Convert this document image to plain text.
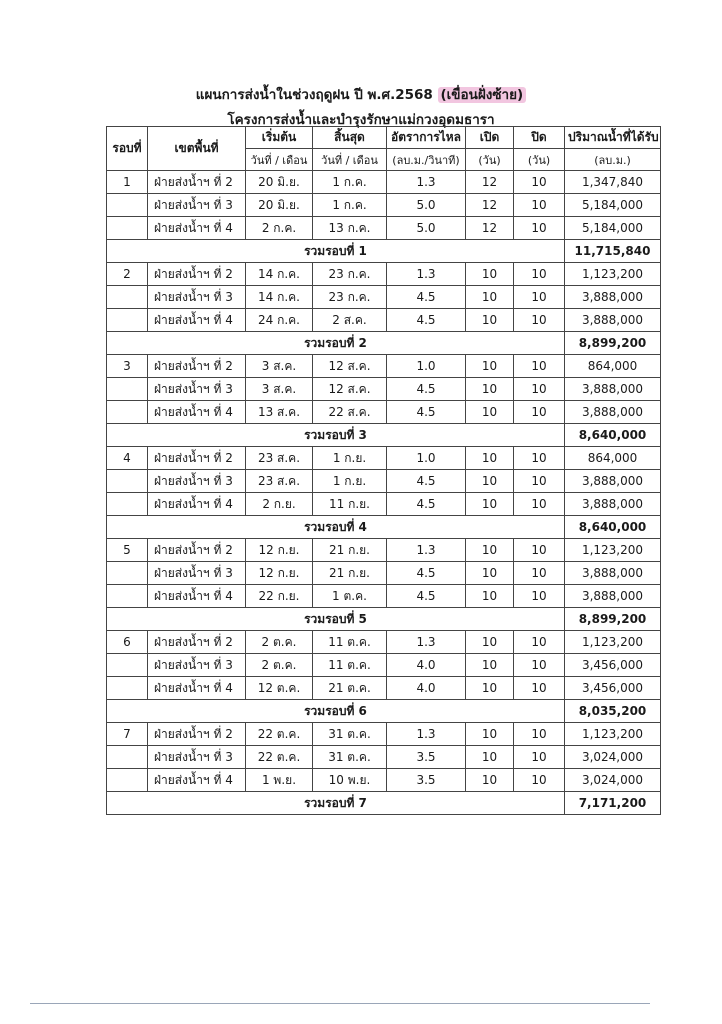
แผนการส่งน้ำในช่วงฤดูฝน ปี พ.ศ.2568 (เขื่อนฝั่งซ้าย)
โครงการส่งน้ำและบำรุงรักษาแม่กวงอุดมธารา
รอบที่	เขตพื้นที่	เริ่มต้น	สิ้นสุด	อัตราการไหล	เปิด	ปิด	ปริมาณน้ำที่ได้รับ
		วันที่ / เดือน	วันที่ / เดือน	(ลบ.ม./วินาที)	(วัน)	(วัน)	(ลบ.ม.)
1	ฝ่ายส่งน้ำฯ ที่ 2	20 มิ.ย.	1 ก.ค.	1.3	12	10	1,347,840
	ฝ่ายส่งน้ำฯ ที่ 3	20 มิ.ย.	1 ก.ค.	5.0	12	10	5,184,000
	ฝ่ายส่งน้ำฯ ที่ 4	2 ก.ค.	13 ก.ค.	5.0	12	10	5,184,000
รวมรอบที่ 1							11,715,840
2	ฝ่ายส่งน้ำฯ ที่ 2	14 ก.ค.	23 ก.ค.	1.3	10	10	1,123,200
	ฝ่ายส่งน้ำฯ ที่ 3	14 ก.ค.	23 ก.ค.	4.5	10	10	3,888,000
	ฝ่ายส่งน้ำฯ ที่ 4	24 ก.ค.	2 ส.ค.	4.5	10	10	3,888,000
รวมรอบที่ 2							8,899,200
3	ฝ่ายส่งน้ำฯ ที่ 2	3 ส.ค.	12 ส.ค.	1.0	10	10	864,000
	ฝ่ายส่งน้ำฯ ที่ 3	3 ส.ค.	12 ส.ค.	4.5	10	10	3,888,000
	ฝ่ายส่งน้ำฯ ที่ 4	13 ส.ค.	22 ส.ค.	4.5	10	10	3,888,000
รวมรอบที่ 3							8,640,000
4	ฝ่ายส่งน้ำฯ ที่ 2	23 ส.ค.	1 ก.ย.	1.0	10	10	864,000
	ฝ่ายส่งน้ำฯ ที่ 3	23 ส.ค.	1 ก.ย.	4.5	10	10	3,888,000
	ฝ่ายส่งน้ำฯ ที่ 4	2 ก.ย.	11 ก.ย.	4.5	10	10	3,888,000
รวมรอบที่ 4							8,640,000
5	ฝ่ายส่งน้ำฯ ที่ 2	12 ก.ย.	21 ก.ย.	1.3	10	10	1,123,200
	ฝ่ายส่งน้ำฯ ที่ 3	12 ก.ย.	21 ก.ย.	4.5	10	10	3,888,000
	ฝ่ายส่งน้ำฯ ที่ 4	22 ก.ย.	1 ต.ค.	4.5	10	10	3,888,000
รวมรอบที่ 5							8,899,200
6	ฝ่ายส่งน้ำฯ ที่ 2	2 ต.ค.	11 ต.ค.	1.3	10	10	1,123,200
	ฝ่ายส่งน้ำฯ ที่ 3	2 ต.ค.	11 ต.ค.	4.0	10	10	3,456,000
	ฝ่ายส่งน้ำฯ ที่ 4	12 ต.ค.	21 ต.ค.	4.0	10	10	3,456,000
รวมรอบที่ 6							8,035,200
7	ฝ่ายส่งน้ำฯ ที่ 2	22 ต.ค.	31 ต.ค.	1.3	10	10	1,123,200
	ฝ่ายส่งน้ำฯ ที่ 3	22 ต.ค.	31 ต.ค.	3.5	10	10	3,024,000
	ฝ่ายส่งน้ำฯ ที่ 4	1 พ.ย.	10 พ.ย.	3.5	10	10	3,024,000
รวมรอบที่ 7							7,171,200
